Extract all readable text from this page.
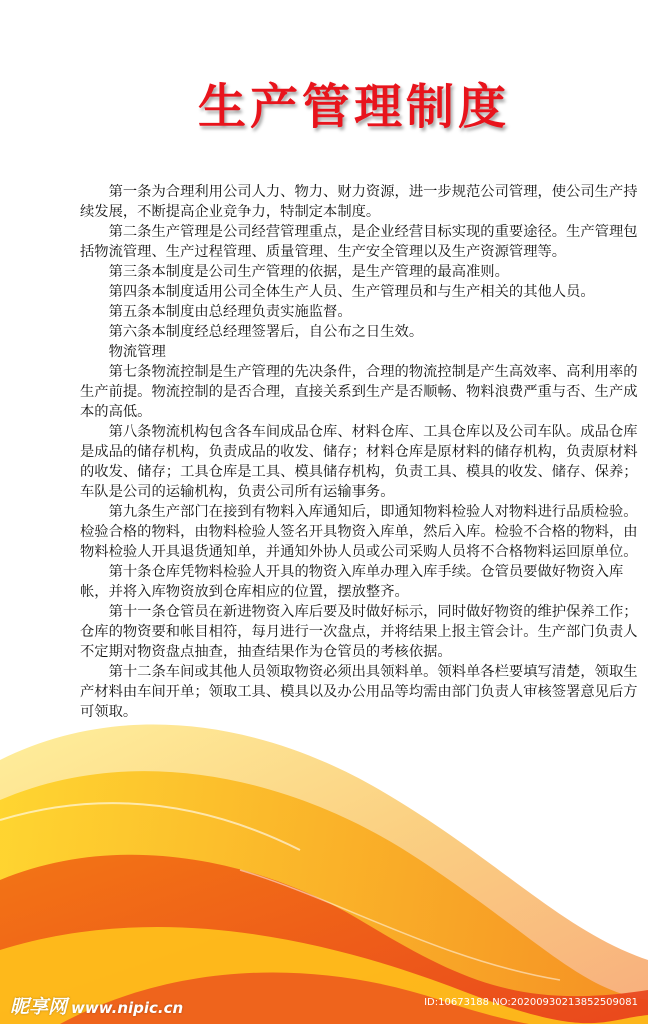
生产管理制度

第一条为合理利用公司人力、物力、财力资源，进一步规范公司管理，使公司生产持续发展，不断提高企业竞争力，特制定本制度。

第二条生产管理是公司经营管理重点，是企业经营目标实现的重要途径。生产管理包括物流管理、生产过程管理、质量管理、生产安全管理以及生产资源管理等。

第三条本制度是公司生产管理的依据，是生产管理的最高准则。

第四条本制度适用公司全体生产人员、生产管理员和与生产相关的其他人员。

第五条本制度由总经理负责实施监督。

第六条本制度经总经理签署后，自公布之日生效。

物流管理

第七条物流控制是生产管理的先决条件，合理的物流控制是产生高效率、高利用率的生产前提。物流控制的是否合理，直接关系到生产是否顺畅、物料浪费严重与否、生产成本的高低。

第八条物流机构包含各车间成品仓库、材料仓库、工具仓库以及公司车队。成品仓库是成品的储存机构，负责成品的收发、储存；材料仓库是原材料的储存机构，负责原材料的收发、储存；工具仓库是工具、模具储存机构，负责工具、模具的收发、储存、保养；车队是公司的运输机构，负责公司所有运输事务。

第九条生产部门在接到有物料入库通知后，即通知物料检验人对物料进行品质检验。检验合格的物料，由物料检验人签名开具物资入库单，然后入库。检验不合格的物料，由物料检验人开具退货通知单，并通知外协人员或公司采购人员将不合格物料运回原单位。

第十条仓库凭物料检验人开具的物资入库单办理入库手续。仓管员要做好物资入库帐，并将入库物资放到仓库相应的位置，摆放整齐。

第十一条仓管员在新进物资入库后要及时做好标示，同时做好物资的维护保养工作；仓库的物资要和帐目相符，每月进行一次盘点，并将结果上报主管会计。生产部门负责人不定期对物资盘点抽查，抽查结果作为仓管员的考核依据。

第十二条车间或其他人员领取物资必须出具领料单。领料单各栏要填写清楚，领取生产材料由车间开单；领取工具、模具以及办公用品等均需由部门负责人审核签署意见后方可领取。

昵享网 www.nipic.cn	ID:10673188 NO:20200930213852509081
